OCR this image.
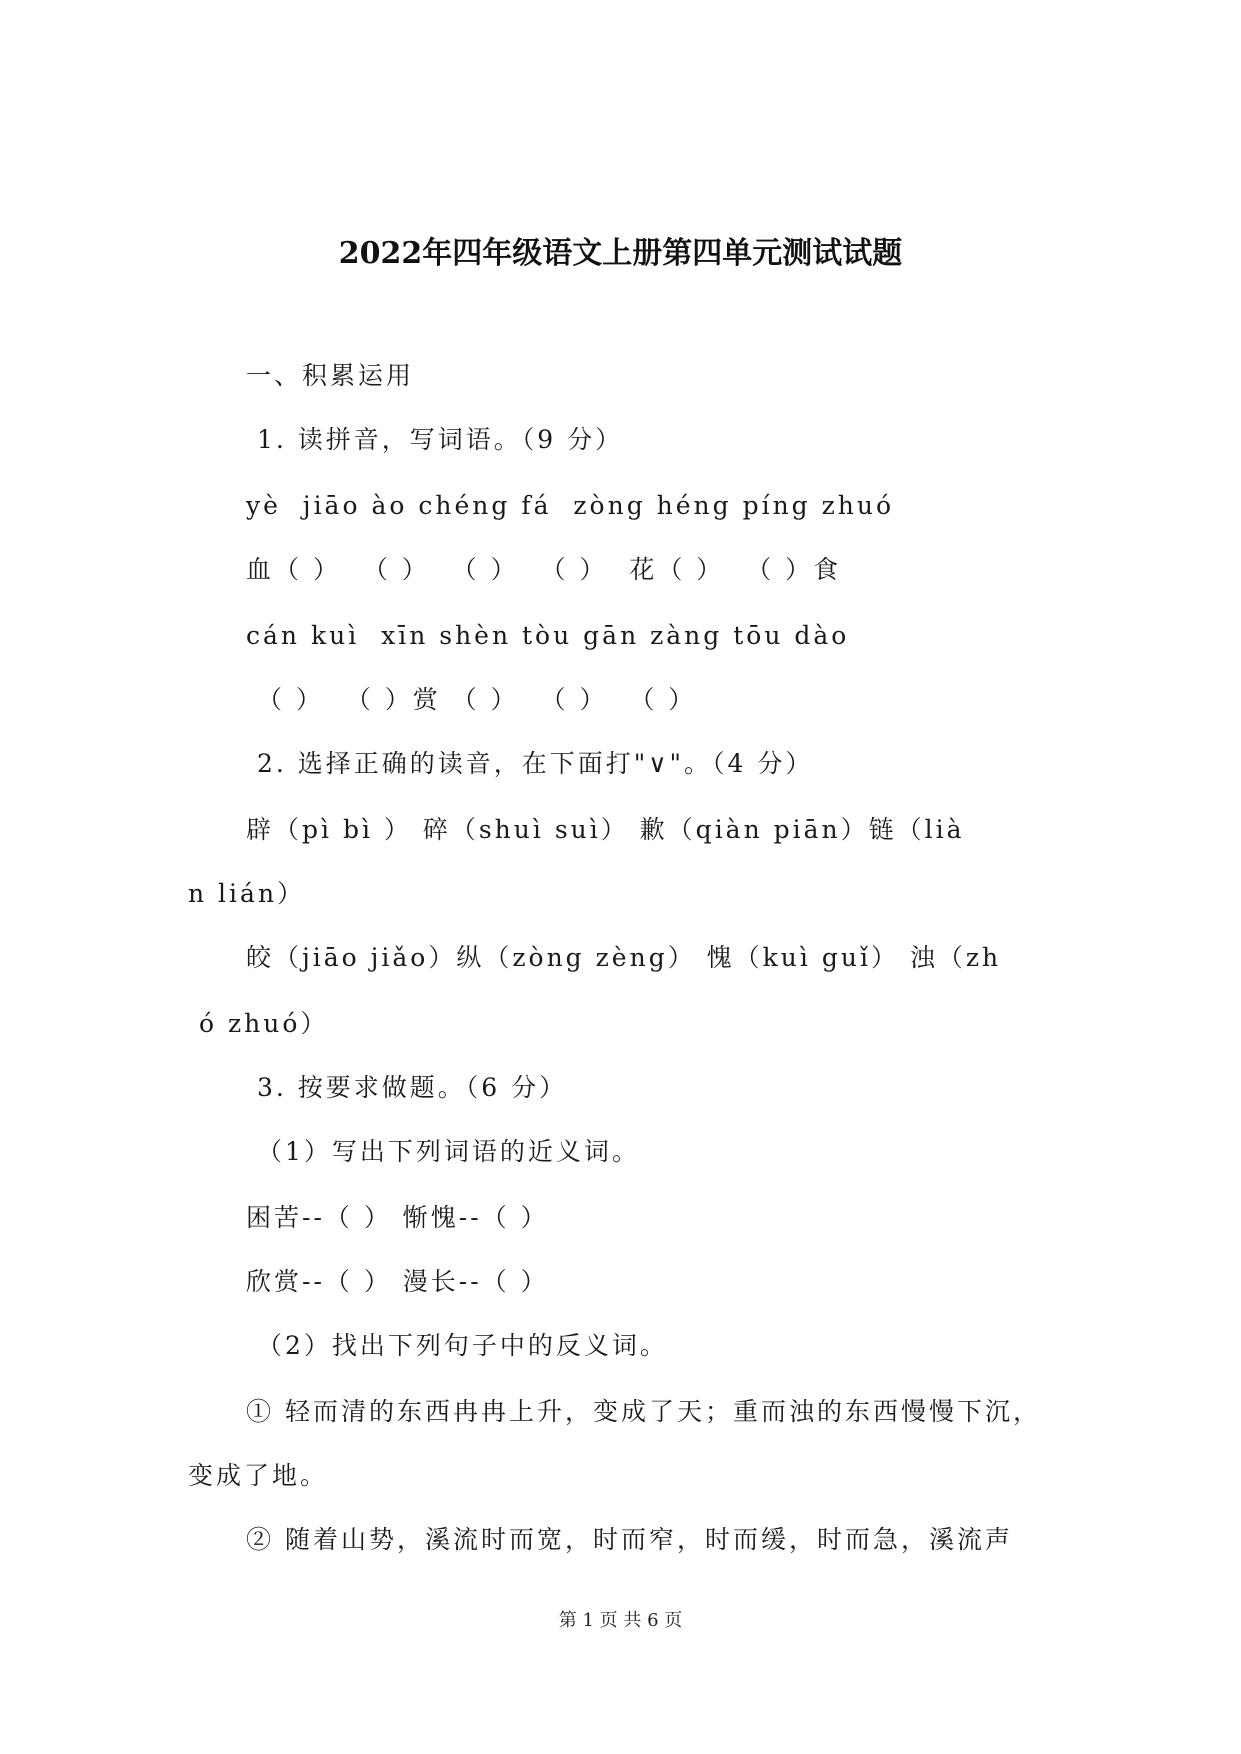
2022年四年级语文上册第四单元测试试题
一、积累运用
1. 读拼音，写词语。（9 分）
yè  jiāo ào chéng fá  zòng héng píng zhuó
血（ ）  （ ）  （ ）  （ ）  花（ ）  （ ）食
cán kuì  xīn shèn tòu gān zàng tōu dào
（ ）  （ ）赏 （ ）  （ ）  （ ）
2. 选择正确的读音，在下面打"∨"。（4 分）
辟（pì bì ） 碎（shuì suì） 歉（qiàn piān）链（lià
n lián）
皎（jiāo jiǎo）纵（zòng zèng） 愧（kuì guǐ） 浊（zh
ó zhuó）
3. 按要求做题。（6 分）
（1）写出下列词语的近义词。
困苦--（ ） 惭愧--（ ）
欣赏--（ ） 漫长--（ ）
（2）找出下列句子中的反义词。
① 轻而清的东西冉冉上升，变成了天；重而浊的东西慢慢下沉，
变成了地。
② 随着山势，溪流时而宽，时而窄，时而缓，时而急，溪流声
第 1 页 共 6 页
